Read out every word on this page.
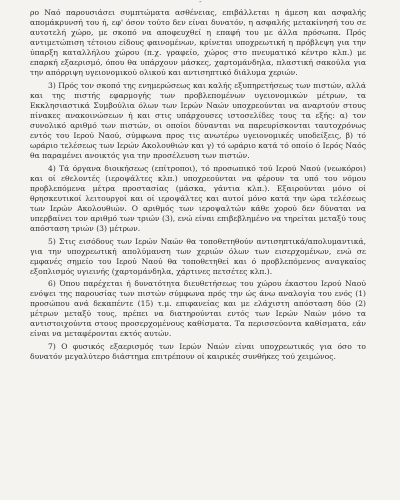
-

ρο Ναό παρουσιάσει συμπτώματα ασθένειας, επιβάλλεται η άμεση και ασφαλής απομάκρυνσή του ή, εφ' όσον τούτο δεν είναι δυνατόν, η ασφαλής μετακίνησή του σε αυτοτελή χώρο, με σκοπό να αποφευχθεί η επαφή του με άλλα πρόσωπα. Πρός αντιμετώπιση τέτοιου είδους φαινομένων, κρίνεται υποχρεωτική η πρόβλεψη για την ύπαρξη καταλλήλου χώρου (π.χ. γραφείο, χώρος στο πνευματικό κέντρο κλπ.) με επαρκή εξαερισμό, όπου θα υπάρχουν μάσκες, χαρτομάνδηλα, πλαστική σακούλα για την απόρριψη υγειονομικού ολικού και αντισηπτικό διάλυμα χεριών.

3) Πρός τον σκοπό της ενημερώσεως και καλής εξυπηρετήσεως των πιστών, αλλά και της πιστής εφαρμογής των προβλεπομένων υγειονομικών μέτρων, τα Εκκλησιαστικά Συμβούλια όλων των Ιερών Ναών υποχρεούνται να αναρτούν στους πίνακες ανακοινώσεων ή και στις υπάρχουσες ιστοσελίδες τους τα εξής: α) τον συνολικό αριθμό των πιστών, οι οποίοι δύνανται να παρευρίσκονται ταυτοχρόνως εντός του Ιερού Ναού, σύμφωνα προς τις ανωτέρω υγειονομικές υποδείξεις, β) τό ωράριο τελέσεως των Ιερών Ακολουθιών και γ) τό ωράριο κατά τό οποίο ό Ιερός Ναός θα παραμένει ανοικτός για την προσέλευση των πιστών.

4) Τά όργανα διοικήσεως (επίτροποι), τό προσωπικό τού Ιερού Ναού (νεωκόροι) και οί εθελοντές (ιεροψάλτες κλπ.) υποχρεούνται να φέρουν τα υπό του νόμου προβλεπόμενα μέτρα προστασίας (μάσκα, γάντια κλπ.). Εξαιρούνται μόνο οί θρησκευτικοί λειτουργοί και οί ιεροψάλτες και αυτοί μόνο κατά την ώρα τελέσεως των Ιερών Ακολουθιών. Ο αριθμός των ιεροψαλτών κάθε χορού δεν δύναται να υπερβαίνει τον αριθμό των τριών (3), ενώ είναι επιβεβλημένο να τηρείται μεταξύ τους απόσταση τριών (3) μέτρων.

5) Στις εισόδους των Ιερών Ναών θα τοποθετηθούν αντισηπτικά/απολυμαντικά, για την υποχρεωτική απολύμανση των χεριών όλων των εισερχομένων, ενώ σε εμφανές σημείο του Ιερού Ναού θα τοποθετηθεί και ό προβλεπόμενος αναγκαίος εξοπλισμός υγιεινής (χαρτομάνδηλα, χάρτινες πετσέτες κλπ.).

6) Όπου παρέχεται ή δυνατότητα διευθετήσεως του χώρου έκαστου Ιερού Ναού ενόψει της παρουσίας των πιστών σύμφωνα πρός την ώς άνω αναλογία του ενός (1) προσώπου ανά δεκαπέντε (15) τ.μ. επιφανείας και με ελάχιστη απόσταση δύο (2) μέτρων μεταξύ τους, πρέπει να διατηρούνται εντός των Ιερών Ναών μόνο τα αντιστοιχούντα στους προσερχομένους καθίσματα. Τα περισσεύοντα καθίσματα, εάν είναι να μεταφέρονται εκτός αυτών.

7) Ο φυσικός εξαερισμός των Ιερών Ναών είναι υποχρεωτικός για όσο το δυνατόν μεγαλύτερο διάστημα επιτρέπουν οί καιρικές συνθήκες τού χειμώνος.
